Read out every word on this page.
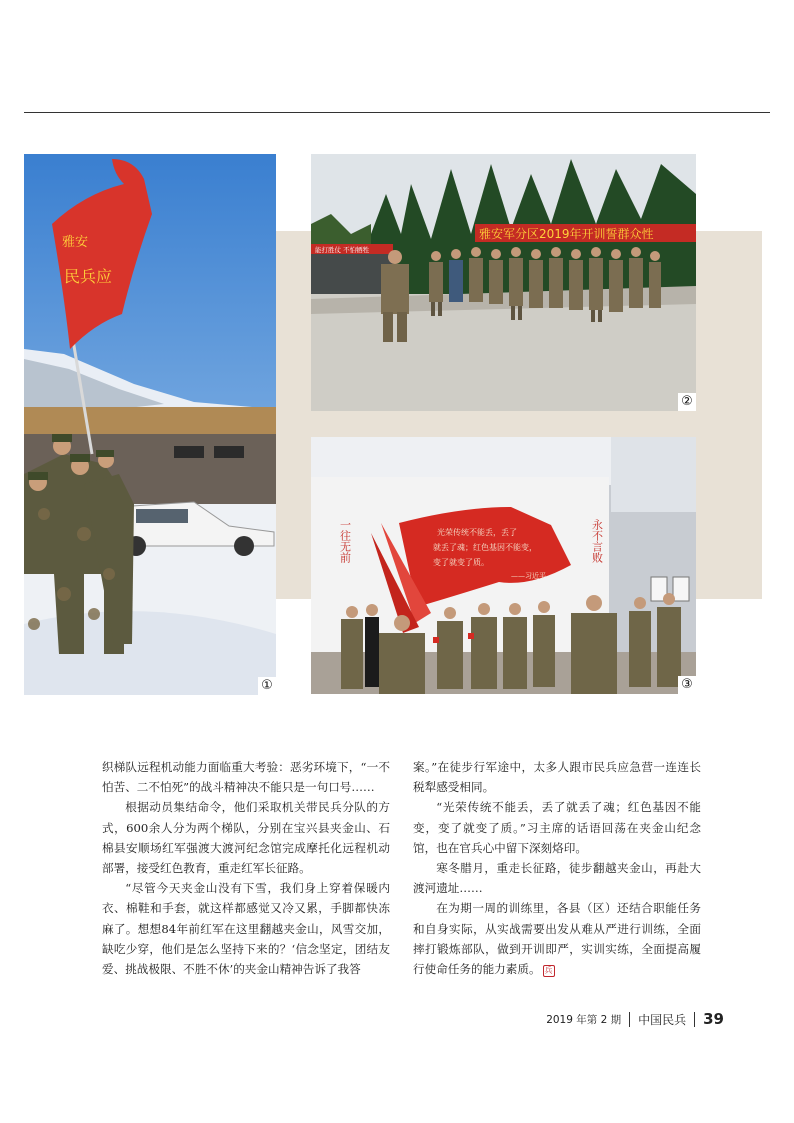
雅安
民兵应
①
能打胜仗 不怕牺牲
雅安军分区2019年开训誓群众性
②
光荣传统不能丢，丢了
就丢了魂；红色基因不能变，
变了就变了质。
——习近平
一往无前	永不言败
③

织梯队远程机动能力面临重大考验：恶劣环境下，“一不怕苦、二不怕死”的战斗精神决不能只是一句口号……

根据动员集结命令，他们采取机关带民兵分队的方式，600余人分为两个梯队，分别在宝兴县夹金山、石棉县安顺场红军强渡大渡河纪念馆完成摩托化远程机动部署，接受红色教育，重走红军长征路。

“尽管今天夹金山没有下雪，我们身上穿着保暖内衣、棉鞋和手套，就这样都感觉又冷又累，手脚都快冻麻了。想想84年前红军在这里翻越夹金山，风雪交加，缺吃少穿，他们是怎么坚持下来的？‘信念坚定，团结友爱、挑战极限、不胜不休’的夹金山精神告诉了我答

案。”在徒步行军途中，太多人跟市民兵应急营一连连长税犁感受相同。

“光荣传统不能丢，丢了就丢了魂；红色基因不能变，变了就变了质。”习主席的话语回荡在夹金山纪念馆，也在官兵心中留下深刻烙印。

寒冬腊月，重走长征路，徒步翻越夹金山，再赴大渡河遗址……

在为期一周的训练里，各县（区）还结合职能任务和自身实际，从实战需要出发从难从严进行训练，全面摔打锻炼部队，做到开训即严，实训实练，全面提高履行使命任务的能力素质。 兵

2019 年第 2 期 中国民兵 39
